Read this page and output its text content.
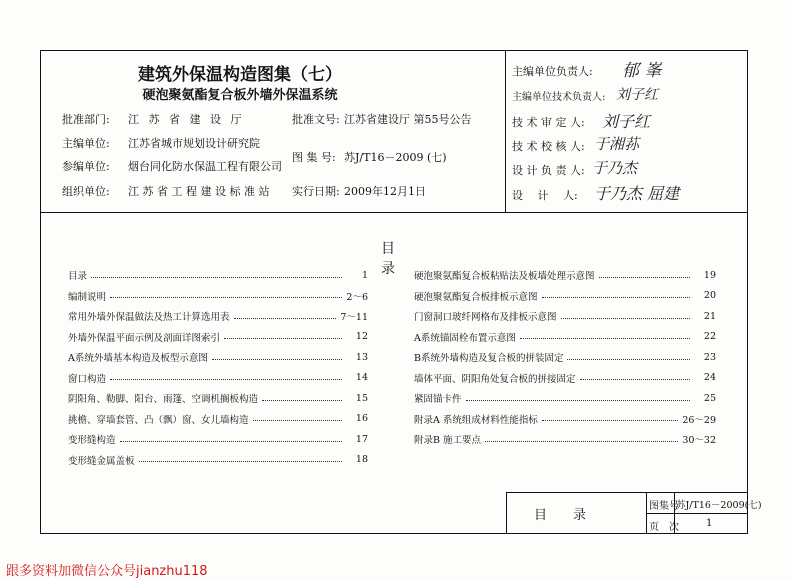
建筑外保温构造图集（七）
硬泡聚氨酯复合板外墙外保温系统
批准部门: 江 苏 省 建 设 厅	批准文号: 江苏省建设厅 第55号公告
主编单位: 江苏省城市规划设计研究院
参编单位: 烟台同化防水保温工程有限公司
图 集 号: 苏J/T16－2009 (七)
组织单位: 江 苏 省 工 程 建 设 标 准 站 实行日期: 2009年12月1日
主编单位负责人: 郁 峯
主编单位技术负责人: 刘子红
技 术 审 定 人: 刘子红
技 术 校 核 人: 于湘荪
设 计 负 责 人: 于乃杰
设　 计　 人: 于乃杰 屈建
目录
目录	1
编制说明	2～6
常用外墙外保温做法及热工计算选用表	7～11
外墙外保温平面示例及剖面详图索引	12
A系统外墙基本构造及板型示意图	13
窗口构造	14
阴阳角、勒脚、阳台、雨篷、空调机搁板构造	15
挑檐、穿墙套管、凸（飘）窗、女儿墙构造	16
变形缝构造	17
变形缝金属盖板	18
硬泡聚氨酯复合板粘贴法及板墙处理示意图	19
硬泡聚氨酯复合板排板示意图	20
门窗洞口玻纤网格布及排板示意图	21
A系统锚固栓布置示意图	22
B系统外墙构造及复合板的拼装固定	23
墙体平面、阴阳角处复合板的拼接固定	24
紧固锚卡件	25
附录A 系统组成材料性能指标	26～29
附录B 施工要点	30～32
目　　录
图集号
苏J/T16－2009(七)
页　次	1
跟多资料加微信公众号jianzhu118
